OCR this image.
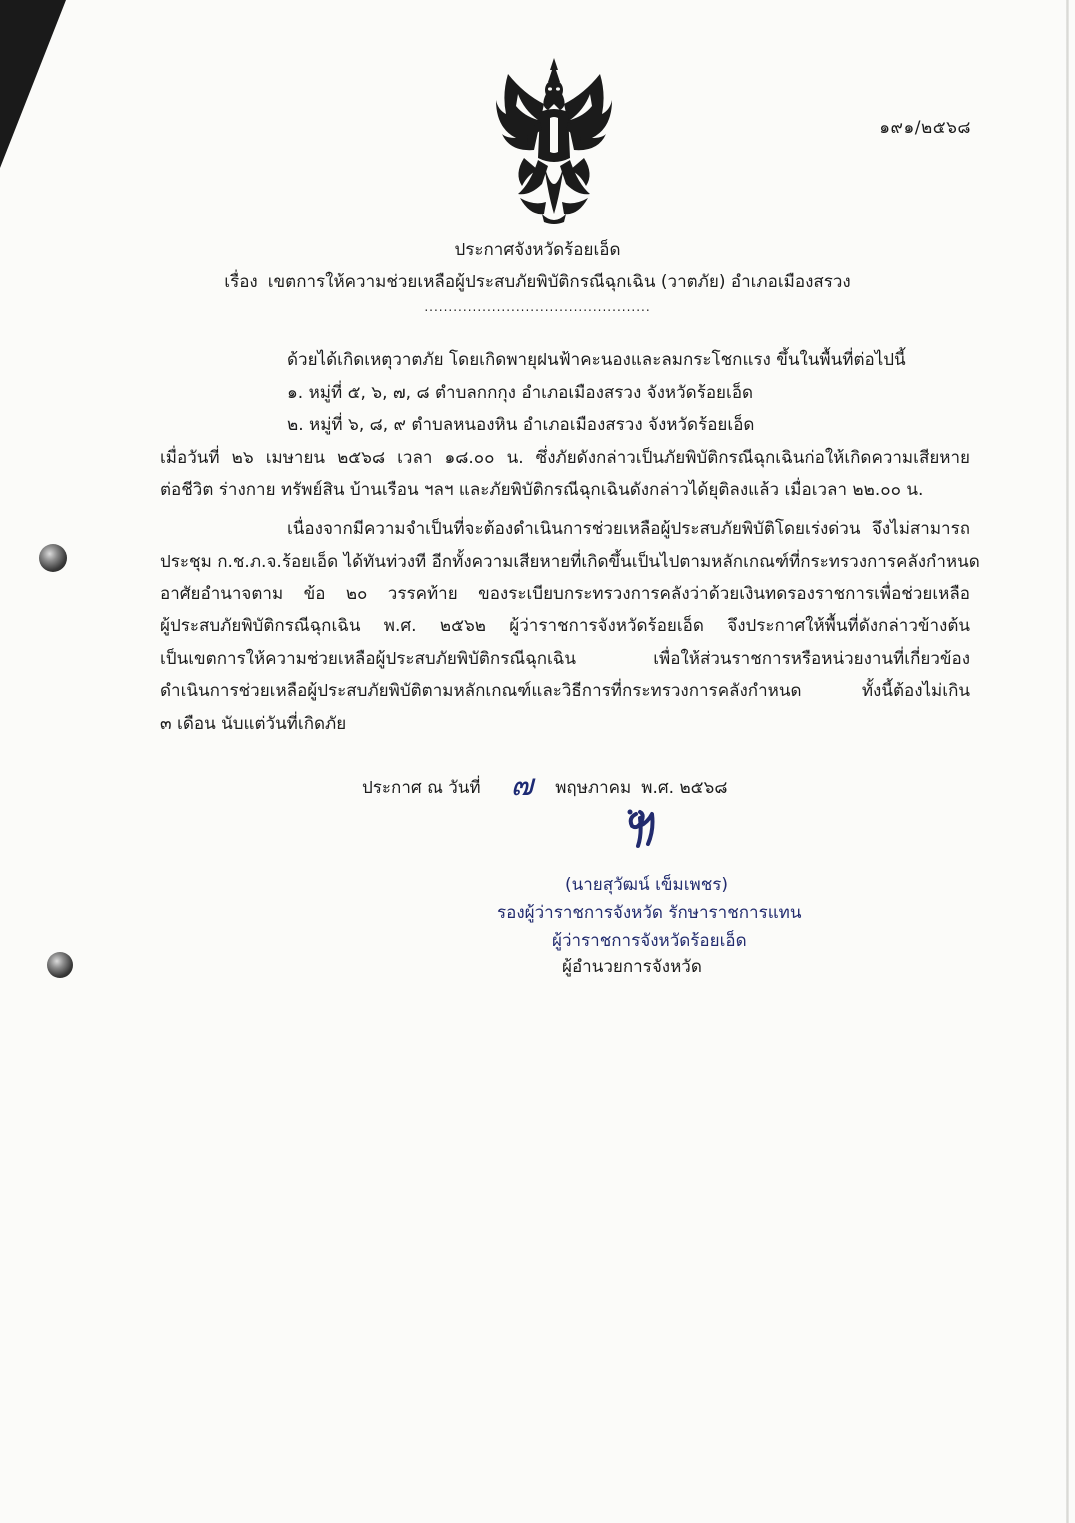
๑๙๑/๒๕๖๘
ประกาศจังหวัดร้อยเอ็ด
เรื่อง เขตการให้ความช่วยเหลือผู้ประสบภัยพิบัติกรณีฉุกเฉิน (วาตภัย) อำเภอเมืองสรวง
...............................................
ด้วยได้เกิดเหตุวาตภัย โดยเกิดพายุฝนฟ้าคะนองและลมกระโชกแรง ขึ้นในพื้นที่ต่อไปนี้
๑. หมู่ที่ ๕, ๖, ๗, ๘ ตำบลกกกุง อำเภอเมืองสรวง จังหวัดร้อยเอ็ด
๒. หมู่ที่ ๖, ๘, ๙ ตำบลหนองหิน อำเภอเมืองสรวง จังหวัดร้อยเอ็ด
เมื่อวันที่ ๒๖ เมษายน ๒๕๖๘ เวลา ๑๘.๐๐ น. ซึ่งภัยดังกล่าวเป็นภัยพิบัติกรณีฉุกเฉินก่อให้เกิดความเสียหาย
ต่อชีวิต ร่างกาย ทรัพย์สิน บ้านเรือน ฯลฯ และภัยพิบัติกรณีฉุกเฉินดังกล่าวได้ยุติลงแล้ว เมื่อเวลา ๒๒.๐๐ น.
เนื่องจากมีความจำเป็นที่จะต้องดำเนินการช่วยเหลือผู้ประสบภัยพิบัติโดยเร่งด่วน จึงไม่สามารถ
ประชุม ก.ช.ภ.จ.ร้อยเอ็ด ได้ทันท่วงที อีกทั้งความเสียหายที่เกิดขึ้นเป็นไปตามหลักเกณฑ์ที่กระทรวงการคลังกำหนด
อาศัยอำนาจตาม ข้อ ๒๐ วรรคท้าย ของระเบียบกระทรวงการคลังว่าด้วยเงินทดรองราชการเพื่อช่วยเหลือ
ผู้ประสบภัยพิบัติกรณีฉุกเฉิน พ.ศ. ๒๕๖๒ ผู้ว่าราชการจังหวัดร้อยเอ็ด จึงประกาศให้พื้นที่ดังกล่าวข้างต้น
เป็นเขตการให้ความช่วยเหลือผู้ประสบภัยพิบัติกรณีฉุกเฉิน เพื่อให้ส่วนราชการหรือหน่วยงานที่เกี่ยวข้อง
ดำเนินการช่วยเหลือผู้ประสบภัยพิบัติตามหลักเกณฑ์และวิธีการที่กระทรวงการคลังกำหนด ทั้งนี้ต้องไม่เกิน
๓ เดือน นับแต่วันที่เกิดภัย
ประกาศ ณ วันที่ ๗ พฤษภาคม พ.ศ. ๒๕๖๘
(นายสุวัฒน์ เข็มเพชร)
รองผู้ว่าราชการจังหวัด รักษาราชการแทน
ผู้ว่าราชการจังหวัดร้อยเอ็ด
ผู้อำนวยการจังหวัด
